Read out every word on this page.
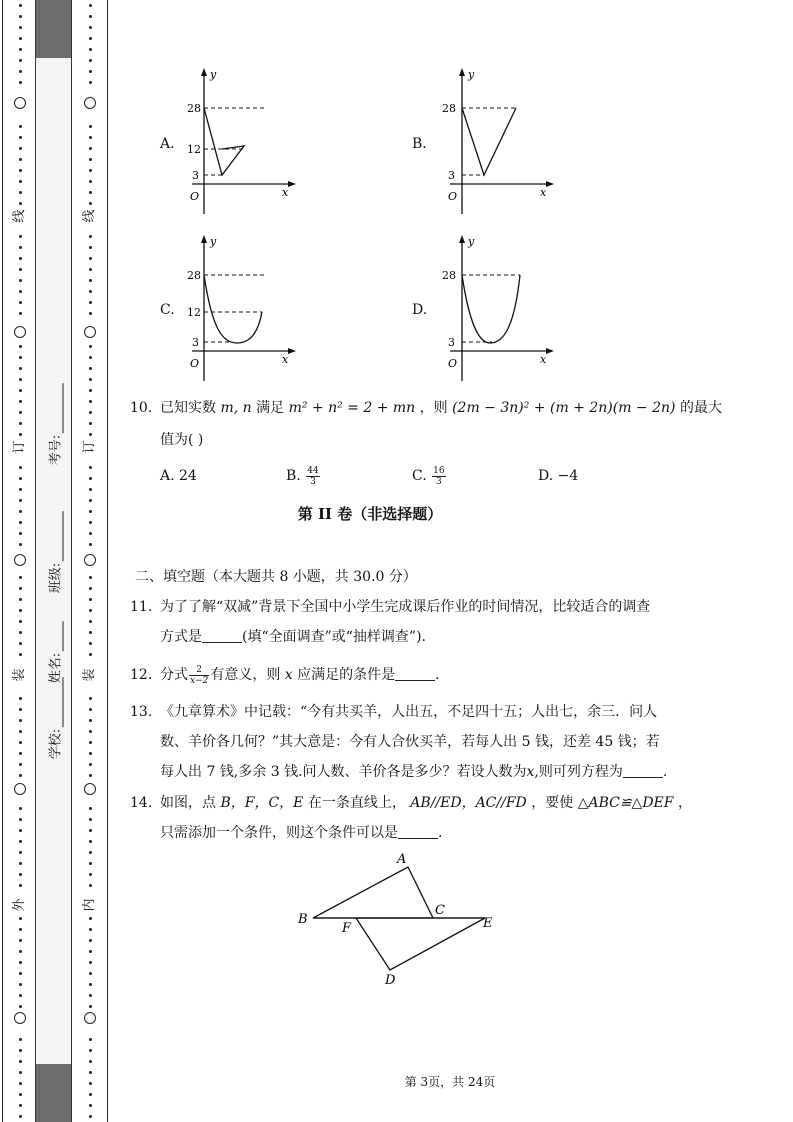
线
订
装
外
线
订
装
内
学校:
姓名:
班级:
考号:
A.
y
x
O
28
12
3
B.
y
x
O
28
3
C.
y
x
O
28
12
3
D.
y
x
O
28
3
10. 已知实数 m, n 满足 m² + n² = 2 + mn ，则 (2m − 3n)² + (m + 2n)(m − 2n) 的最大
值为( )
A. 24	B. $\frac{44}{3}$	C. $\frac{16}{3}$	D. −4
第 II 卷（非选择题）
二、填空题（本大题共 8 小题，共 30.0 分）
11. 为了了解“双减”背景下全国中小学生完成课后作业的时间情况，比较适合的调查
方式是	(填“全面调查”或“抽样调查”).
12. 分式 $\frac{2}{x-2}$ 有意义，则 x 应满足的条件是	.
13. 《九章算术》中记载：“今有共买羊，人出五，不足四十五；人出七，余三．问人
数、羊价各几何？”其大意是：今有人合伙买羊，若每人出 5 钱，还差 45 钱；若
每人出 7 钱,多余 3 钱.问人数、羊价各是多少？若设人数为x,则可列方程为	.
14. 如图，点 B，F，C，E 在一条直线上， AB//ED，AC//FD ，要使 △ABC≌△DEF ，
只需添加一个条件，则这个条件可以是	.
A
B
C
D
E
F
第 3页，共 24页
